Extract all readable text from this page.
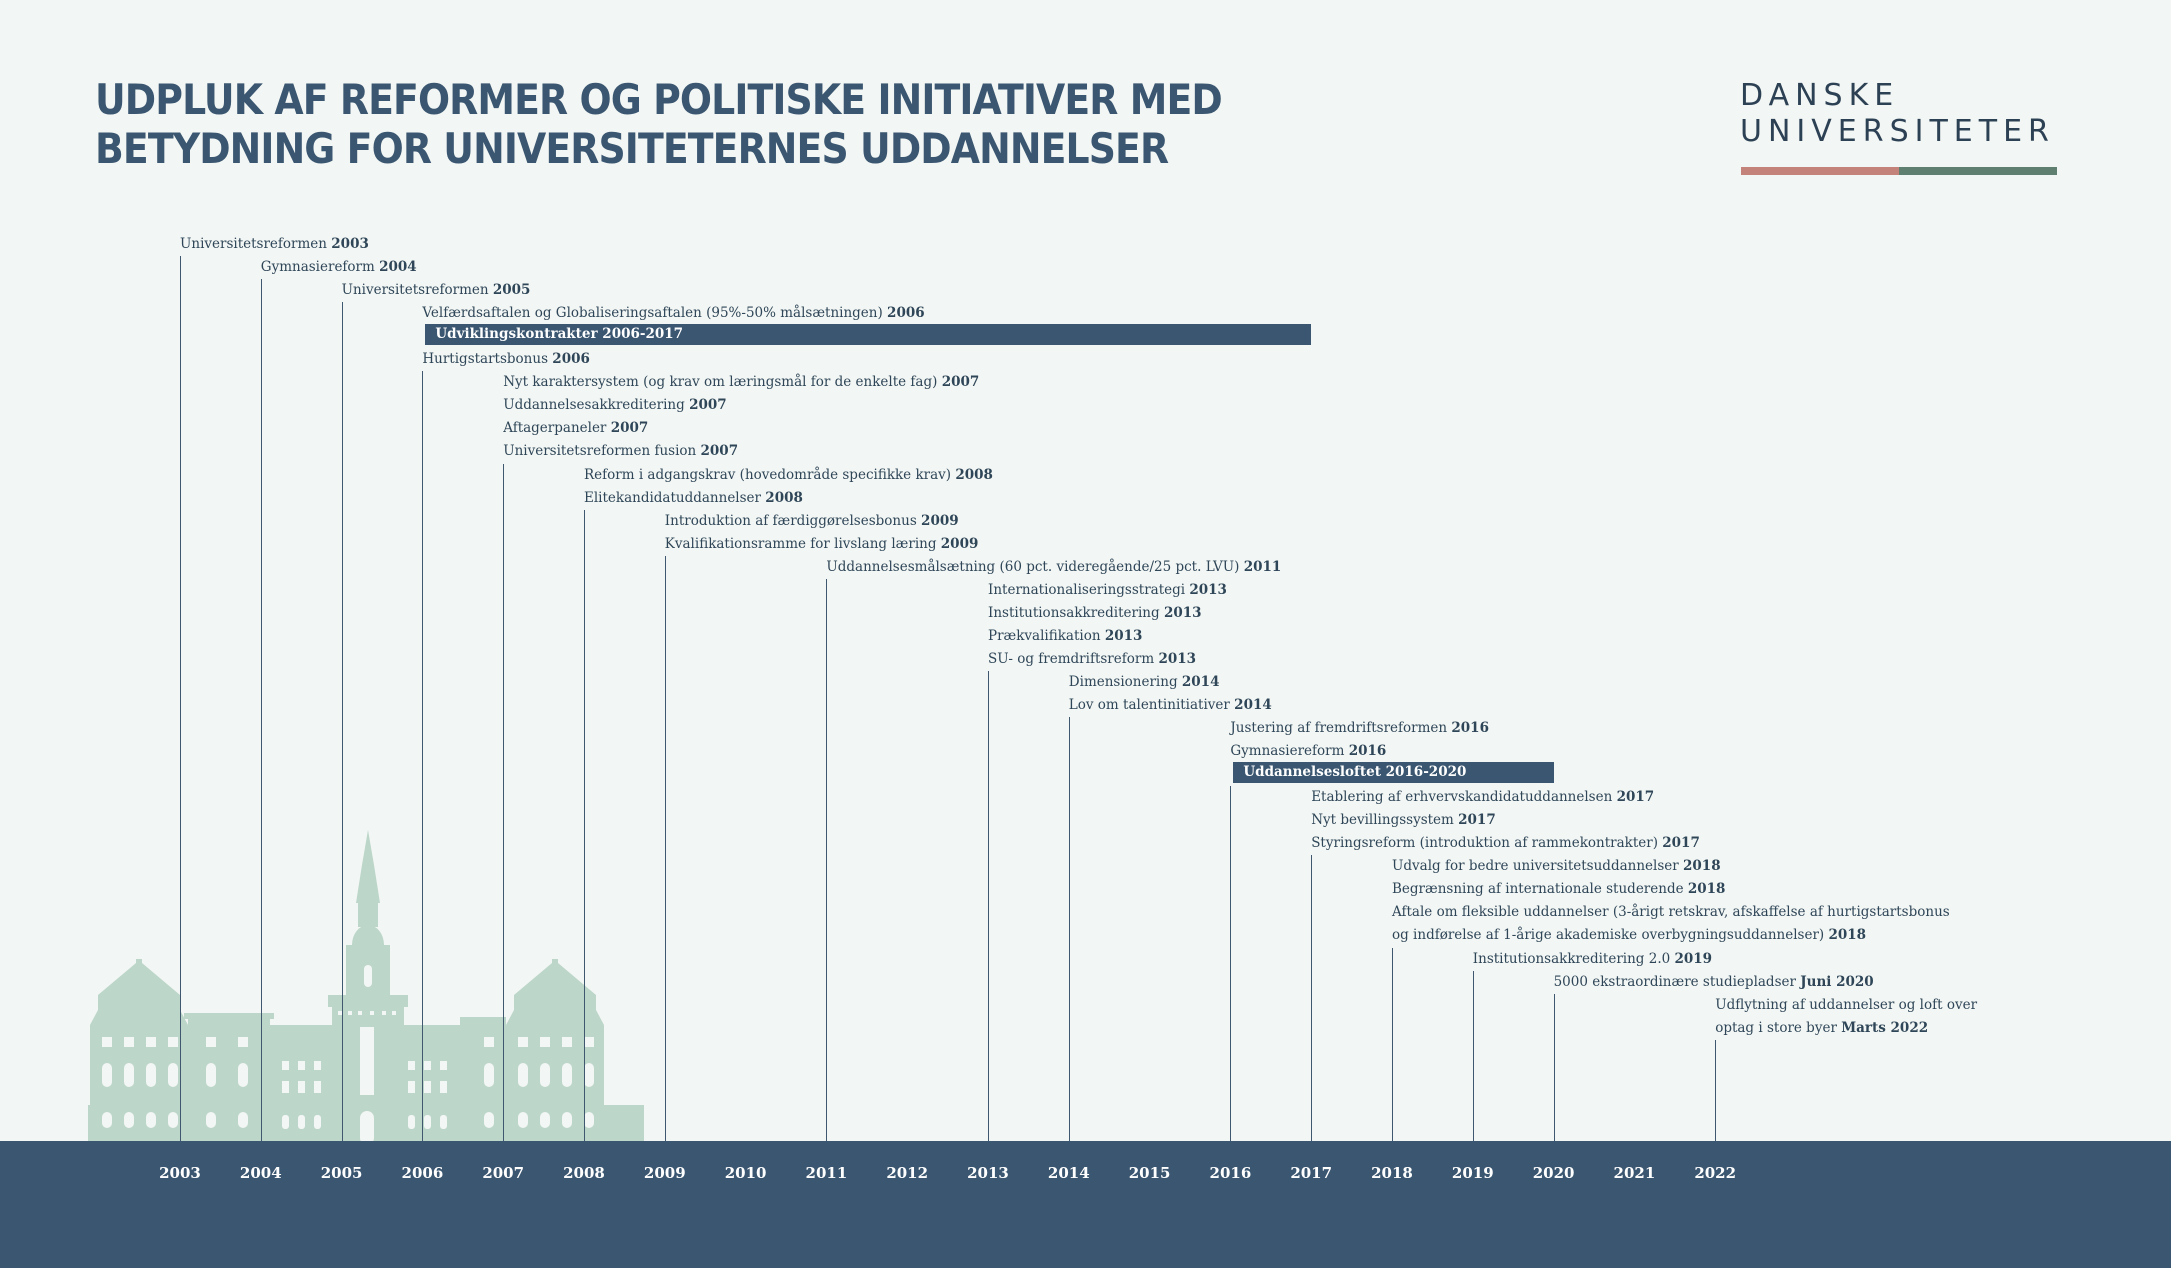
UDPLUK AF REFORMER OG POLITISKE INITIATIVER MED
BETYDNING FOR UNIVERSITETERNES UDDANNELSER
DANSKE
UNIVERSITETER
Universitetsreformen 2003
Gymnasiereform 2004
Universitetsreformen 2005
Velfærdsaftalen og Globaliseringsaftalen (95%-50% målsætningen) 2006
Udviklingskontrakter 2006-2017
Hurtigstartsbonus 2006
Nyt karaktersystem (og krav om læringsmål for de enkelte fag) 2007
Uddannelsesakkreditering 2007
Aftagerpaneler 2007
Universitetsreformen fusion 2007
Reform i adgangskrav (hovedområde specifikke krav) 2008
Elitekandidatuddannelser 2008
Introduktion af færdiggørelsesbonus 2009
Kvalifikationsramme for livslang læring 2009
Uddannelsesmålsætning (60 pct. videregående/25 pct. LVU) 2011
Internationaliseringsstrategi 2013
Institutionsakkreditering 2013
Prækvalifikation 2013
SU- og fremdriftsreform 2013
Dimensionering 2014
Lov om talentinitiativer 2014
Justering af fremdriftsreformen 2016
Gymnasiereform 2016
Uddannelsesloftet 2016-2020
Etablering af erhvervskandidatuddannelsen 2017
Nyt bevillingssystem 2017
Styringsreform (introduktion af rammekontrakter) 2017
Udvalg for bedre universitetsuddannelser 2018
Begrænsning af internationale studerende 2018
Aftale om fleksible uddannelser (3-årigt retskrav, afskaffelse af hurtigstartsbonus
og indførelse af 1-årige akademiske overbygningsuddannelser) 2018
Institutionsakkreditering 2.0 2019
5000 ekstraordinære studiepladser Juni 2020
Udflytning af uddannelser og loft over
optag i store byer Marts 2022
2003	2004	2005	2006	2007	2008	2009	2010	2011	2012	2013	2014	2015	2016	2017	2018	2019	2020	2021	2022
